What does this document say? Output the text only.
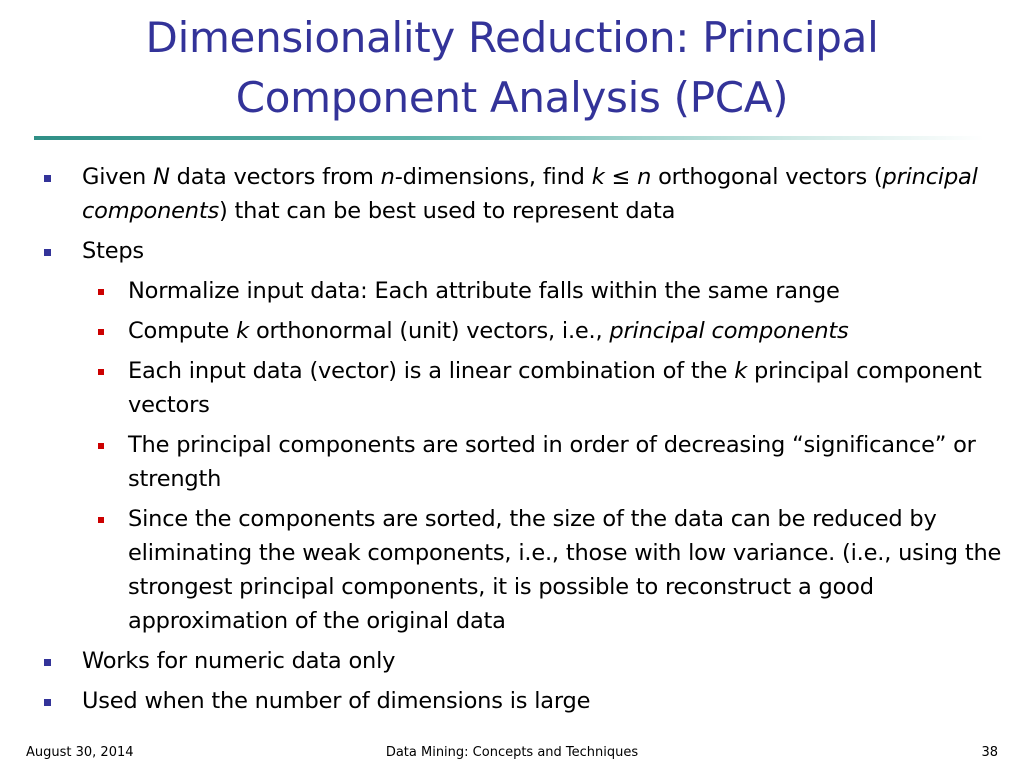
Dimensionality Reduction: Principal
Component Analysis (PCA)
Given N data vectors from n-dimensions, find k ≤ n orthogonal vectors (principal components) that can be best used to represent data
Steps
Normalize input data: Each attribute falls within the same range
Compute k orthonormal (unit) vectors, i.e., principal components
Each input data (vector) is a linear combination of the k principal component vectors
The principal components are sorted in order of decreasing “significance” or strength
Since the components are sorted, the size of the data can be reduced by eliminating the weak components, i.e., those with low variance. (i.e., using the strongest principal components, it is possible to reconstruct a good approximation of the original data
Works for numeric data only
Used when the number of dimensions is large
August 30, 2014	Data Mining: Concepts and Techniques	38
